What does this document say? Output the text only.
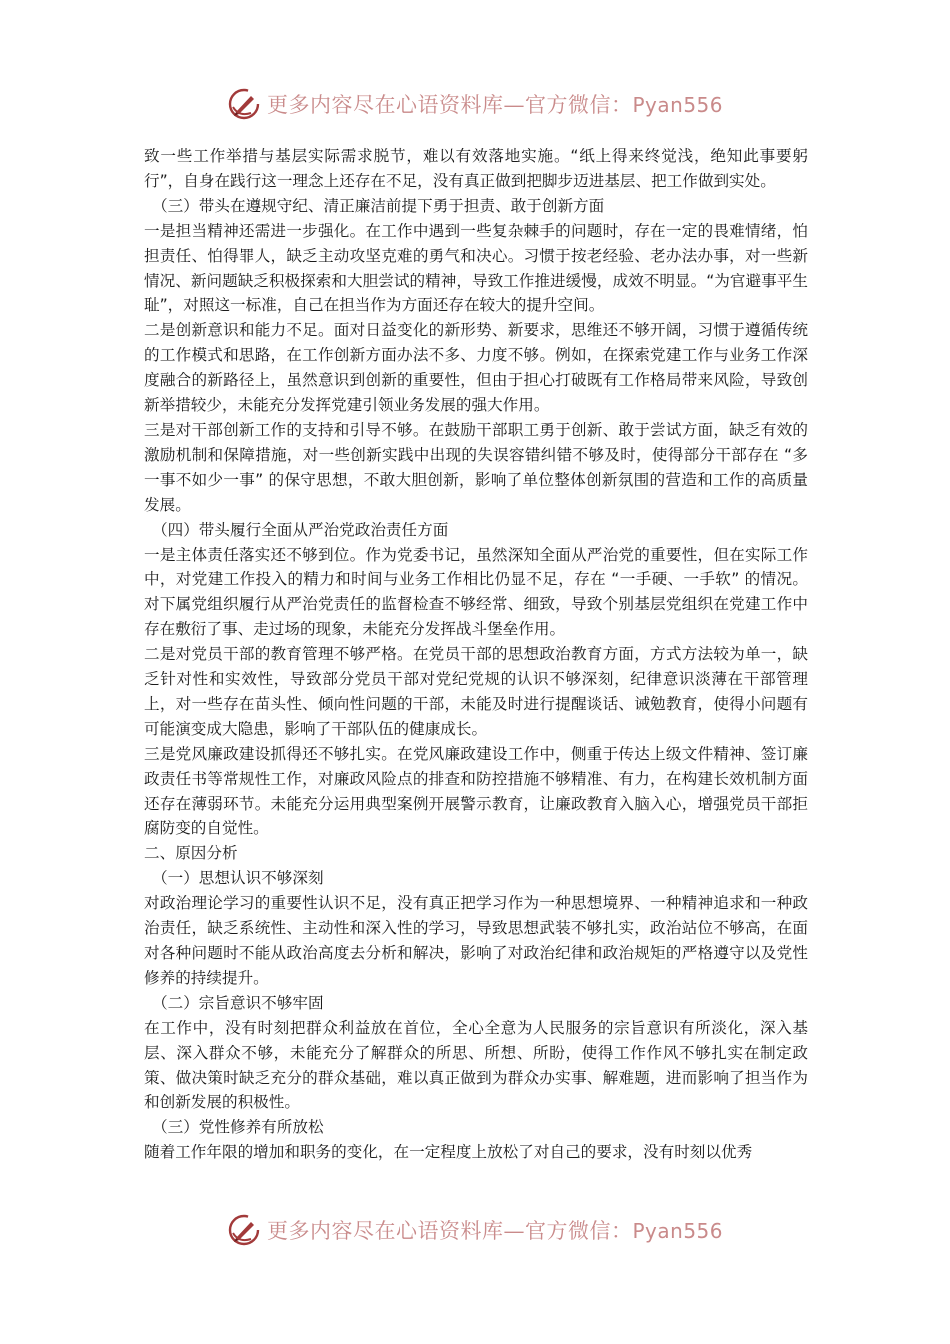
更多内容尽在心语资料库—官方微信：Pyan556

致一些工作举措与基层实际需求脱节，难以有效落地实施。“纸上得来终觉浅，绝知此事要躬行”，自身在践行这一理念上还存在不足，没有真正做到把脚步迈进基层、把工作做到实处。

（三）带头在遵规守纪、清正廉洁前提下勇于担责、敢于创新方面

一是担当精神还需进一步强化。在工作中遇到一些复杂棘手的问题时，存在一定的畏难情绪，怕担责任、怕得罪人，缺乏主动攻坚克难的勇气和决心。习惯于按老经验、老办法办事，对一些新情况、新问题缺乏积极探索和大胆尝试的精神，导致工作推进缓慢，成效不明显。“为官避事平生耻”，对照这一标准，自己在担当作为方面还存在较大的提升空间。

二是创新意识和能力不足。面对日益变化的新形势、新要求，思维还不够开阔，习惯于遵循传统的工作模式和思路，在工作创新方面办法不多、力度不够。例如，在探索党建工作与业务工作深度融合的新路径上，虽然意识到创新的重要性，但由于担心打破既有工作格局带来风险，导致创新举措较少，未能充分发挥党建引领业务发展的强大作用。

三是对干部创新工作的支持和引导不够。在鼓励干部职工勇于创新、敢于尝试方面，缺乏有效的激励机制和保障措施，对一些创新实践中出现的失误容错纠错不够及时，使得部分干部存在 “多一事不如少一事” 的保守思想，不敢大胆创新，影响了单位整体创新氛围的营造和工作的高质量发展。

（四）带头履行全面从严治党政治责任方面

一是主体责任落实还不够到位。作为党委书记，虽然深知全面从严治党的重要性，但在实际工作中，对党建工作投入的精力和时间与业务工作相比仍显不足，存在 “一手硬、一手软” 的情况。对下属党组织履行从严治党责任的监督检查不够经常、细致，导致个别基层党组织在党建工作中存在敷衍了事、走过场的现象，未能充分发挥战斗堡垒作用。

二是对党员干部的教育管理不够严格。在党员干部的思想政治教育方面，方式方法较为单一，缺乏针对性和实效性，导致部分党员干部对党纪党规的认识不够深刻，纪律意识淡薄在干部管理上，对一些存在苗头性、倾向性问题的干部，未能及时进行提醒谈话、诫勉教育，使得小问题有可能演变成大隐患，影响了干部队伍的健康成长。

三是党风廉政建设抓得还不够扎实。在党风廉政建设工作中，侧重于传达上级文件精神、签订廉政责任书等常规性工作，对廉政风险点的排查和防控措施不够精准、有力，在构建长效机制方面还存在薄弱环节。未能充分运用典型案例开展警示教育，让廉政教育入脑入心，增强党员干部拒腐防变的自觉性。

二、原因分析

（一）思想认识不够深刻

对政治理论学习的重要性认识不足，没有真正把学习作为一种思想境界、一种精神追求和一种政治责任，缺乏系统性、主动性和深入性的学习，导致思想武装不够扎实，政治站位不够高，在面对各种问题时不能从政治高度去分析和解决，影响了对政治纪律和政治规矩的严格遵守以及党性修养的持续提升。

（二）宗旨意识不够牢固

在工作中，没有时刻把群众利益放在首位，全心全意为人民服务的宗旨意识有所淡化，深入基层、深入群众不够，未能充分了解群众的所思、所想、所盼，使得工作作风不够扎实在制定政策、做决策时缺乏充分的群众基础，难以真正做到为群众办实事、解难题，进而影响了担当作为和创新发展的积极性。

（三）党性修养有所放松

随着工作年限的增加和职务的变化，在一定程度上放松了对自己的要求，没有时刻以优秀

更多内容尽在心语资料库—官方微信：Pyan556
